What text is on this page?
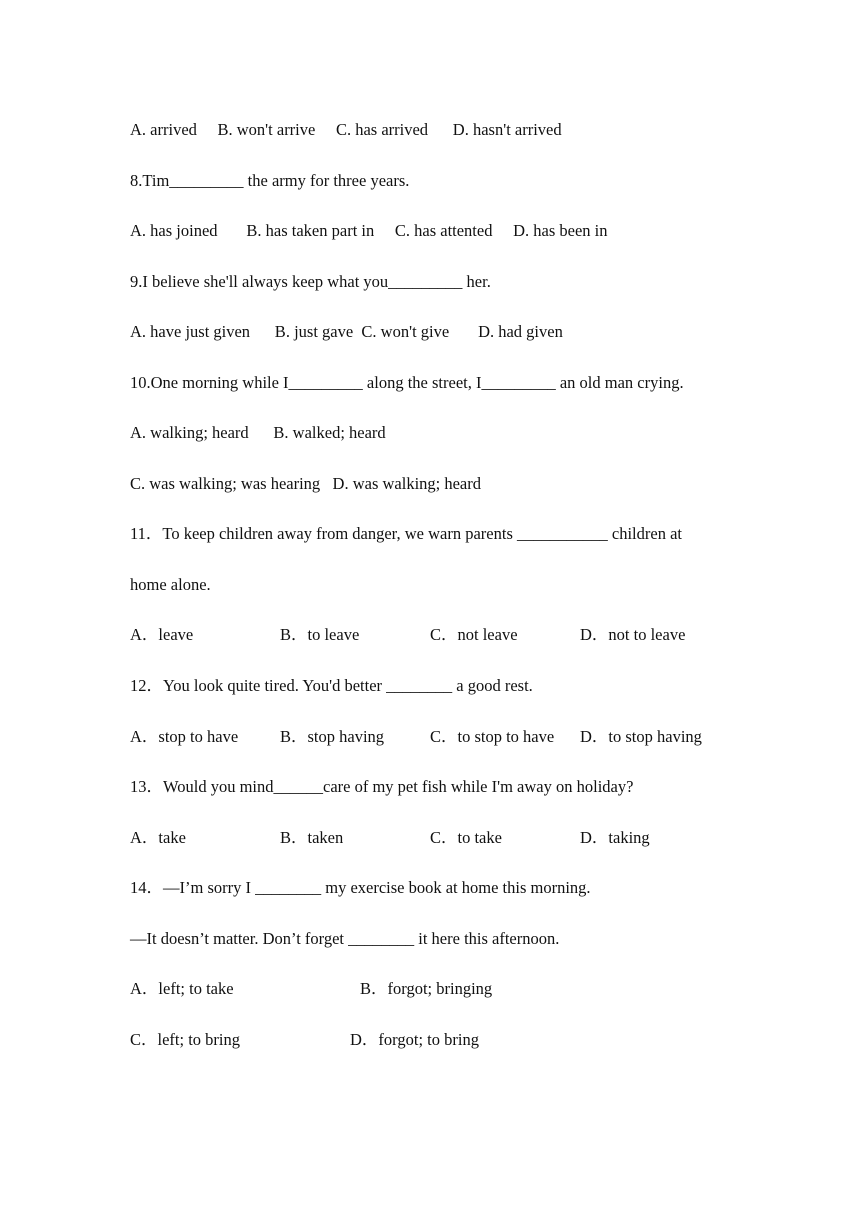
A. arrived     B. won't arrive     C. has arrived      D. hasn't arrived
8.Tim_________ the army for three years.
A. has joined       B. has taken part in     C. has attented     D. has been in
9.I believe she'll always keep what you_________ her.
A. have just given      B. just gave  C. won't give       D. had given
10.One morning while I_________ along the street, I_________ an old man crying.
A. walking; heard      B. walked; heard
C. was walking; was hearing   D. was walking; heard
11．To keep children away from danger, we warn parents ___________ children at
home alone.
A．leave	B．to leave	C．not leave	D．not to leave
12．You look quite tired. You'd better ________ a good rest.
A．stop to have	B．stop having	C．to stop to have D．to stop having
13．Would you mind______care of my pet fish while I'm away on holiday?
A．take	B．taken	C．to take	D．taking
14．—I’m sorry I ________ my exercise book at home this morning.
—It doesn’t matter. Don’t forget ________ it here this afternoon.
A．left; to take	B．forgot; bringing
C．left; to bring	D．forgot; to bring
